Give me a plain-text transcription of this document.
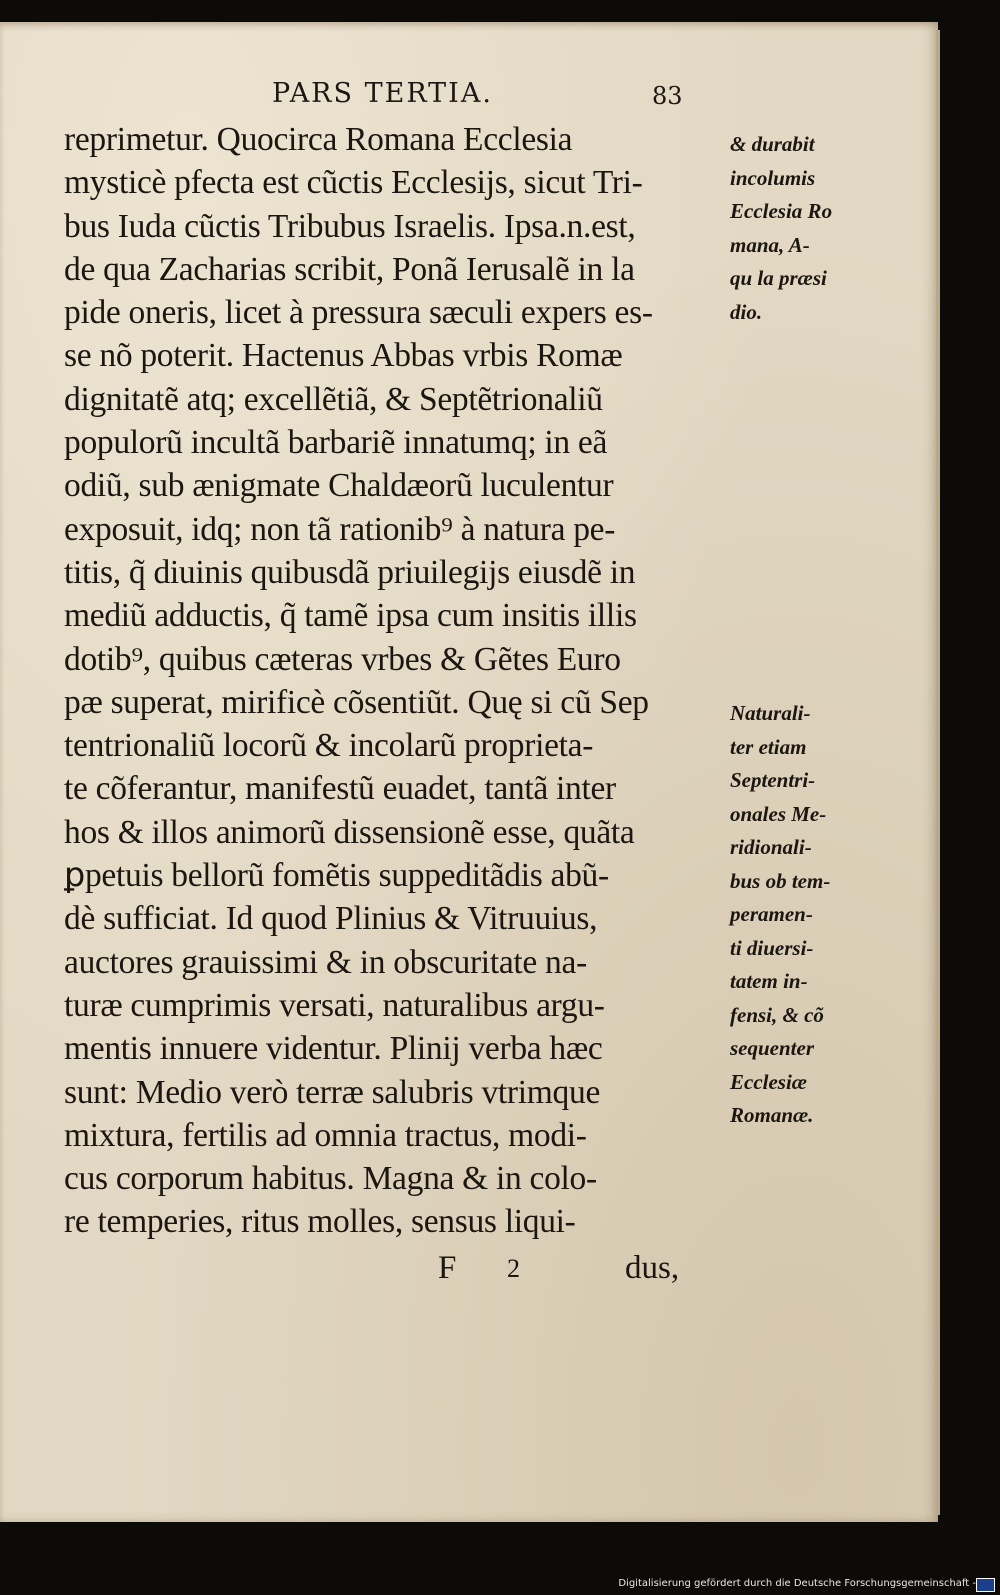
PARS TERTIA.	83
reprimetur. Quocirca Romana Ecclesia
mysticè pfecta est cũctis Ecclesijs, sicut Tri-
bus Iuda cũctis Tribubus Israelis. Ipsa.n.est,
de qua Zacharias scribit, Ponã Ierusalẽ in la
pide oneris, licet à pressura sæculi expers es-
se nõ poterit. Hactenus Abbas vrbis Romæ
dignitatẽ atq; excellẽtiã, & Septẽtrionaliũ
populorũ incultã barbariẽ innatumq; in eã
odiũ, sub ænigmate Chaldæorũ luculentur
exposuit, idq; non tã rationib⁹ à natura pe-
titis, q̃ diuinis quibusdã priuilegijs eiusdẽ in
mediũ adductis, q̃ tamẽ ipsa cum insitis illis
dotib⁹, quibus cæteras vrbes & Gẽtes Euro
pæ superat, mirificè cõsentiũt. Quę si cũ Sep
tentrionaliũ locorũ & incolarũ proprieta-
te cõferantur, manifestũ euadet, tantã inter
hos & illos animorũ dissensionẽ esse, quãta
ꝑpetuis bellorũ fomẽtis suppeditãdis abũ-
dè sufficiat. Id quod Plinius & Vitruuius,
auctores grauissimi & in obscuritate na-
turæ cumprimis versati, naturalibus argu-
mentis innuere videntur. Plinij verba hæc
sunt: Medio verò terræ salubris vtrimque
mixtura, fertilis ad omnia tractus, modi-
cus corporum habitus. Magna & in colo-
re temperies, ritus molles, sensus liqui-
& durabit
incolumis
Ecclesia Ro
mana, A-
qu la præsi
dio.
Naturali-
ter etiam
Septentri-
onales Me-
ridionali-
bus ob tem-
peramen-
ti diuersi-
tatem in-
fensi, & cõ
sequenter
Ecclesiæ
Romanæ.
F 2	dus,
Digitalisierung gefördert durch die Deutsche Forschungsgemeinschaft -
